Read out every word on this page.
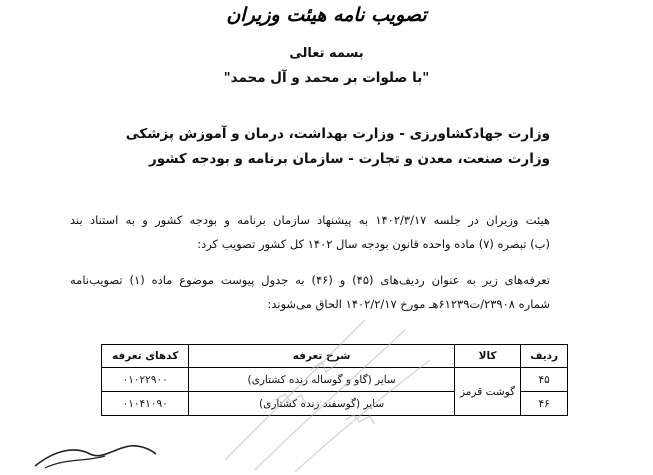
تصویب نامه هیئت وزیران
بسمه تعالی
"با صلوات بر محمد و آل محمد"
وزارت جهادکشاورزی - وزارت بهداشت، درمان و آموزش پزشکی
وزارت صنعت، معدن و تجارت - سازمان برنامه و بودجه کشور
هیئت وزیران در جلسه ۱۴۰۲/۳/۱۷ به پیشنهاد سازمان برنامه و بودجه کشور و به استناد بند
(ب) تبصره (۷) ماده واحده قانون بودجه سال ۱۴۰۲ کل کشور تصویب کرد:
تعرفه‌های زیر به عنوان ردیف‌های (۴۵) و (۴۶) به جدول پیوست موضوع ماده (۱) تصویب‌نامه
شماره ۲۳۹۰۸/ت۶۱۲۳۹هـ مورخ ۱۴۰۲/۲/۱۷ الحاق می‌شوند:
ردیف	کالا	شرح تعرفه	کدهای تعرفه
۴۵	گوشت قرمز	سایر (گاو و گوساله زنده کشتاری)	۰۱۰۲۲۹۰۰
۴۶		سایر (گوسفند زنده کشتاری)	۰۱۰۴۱۰۹۰
